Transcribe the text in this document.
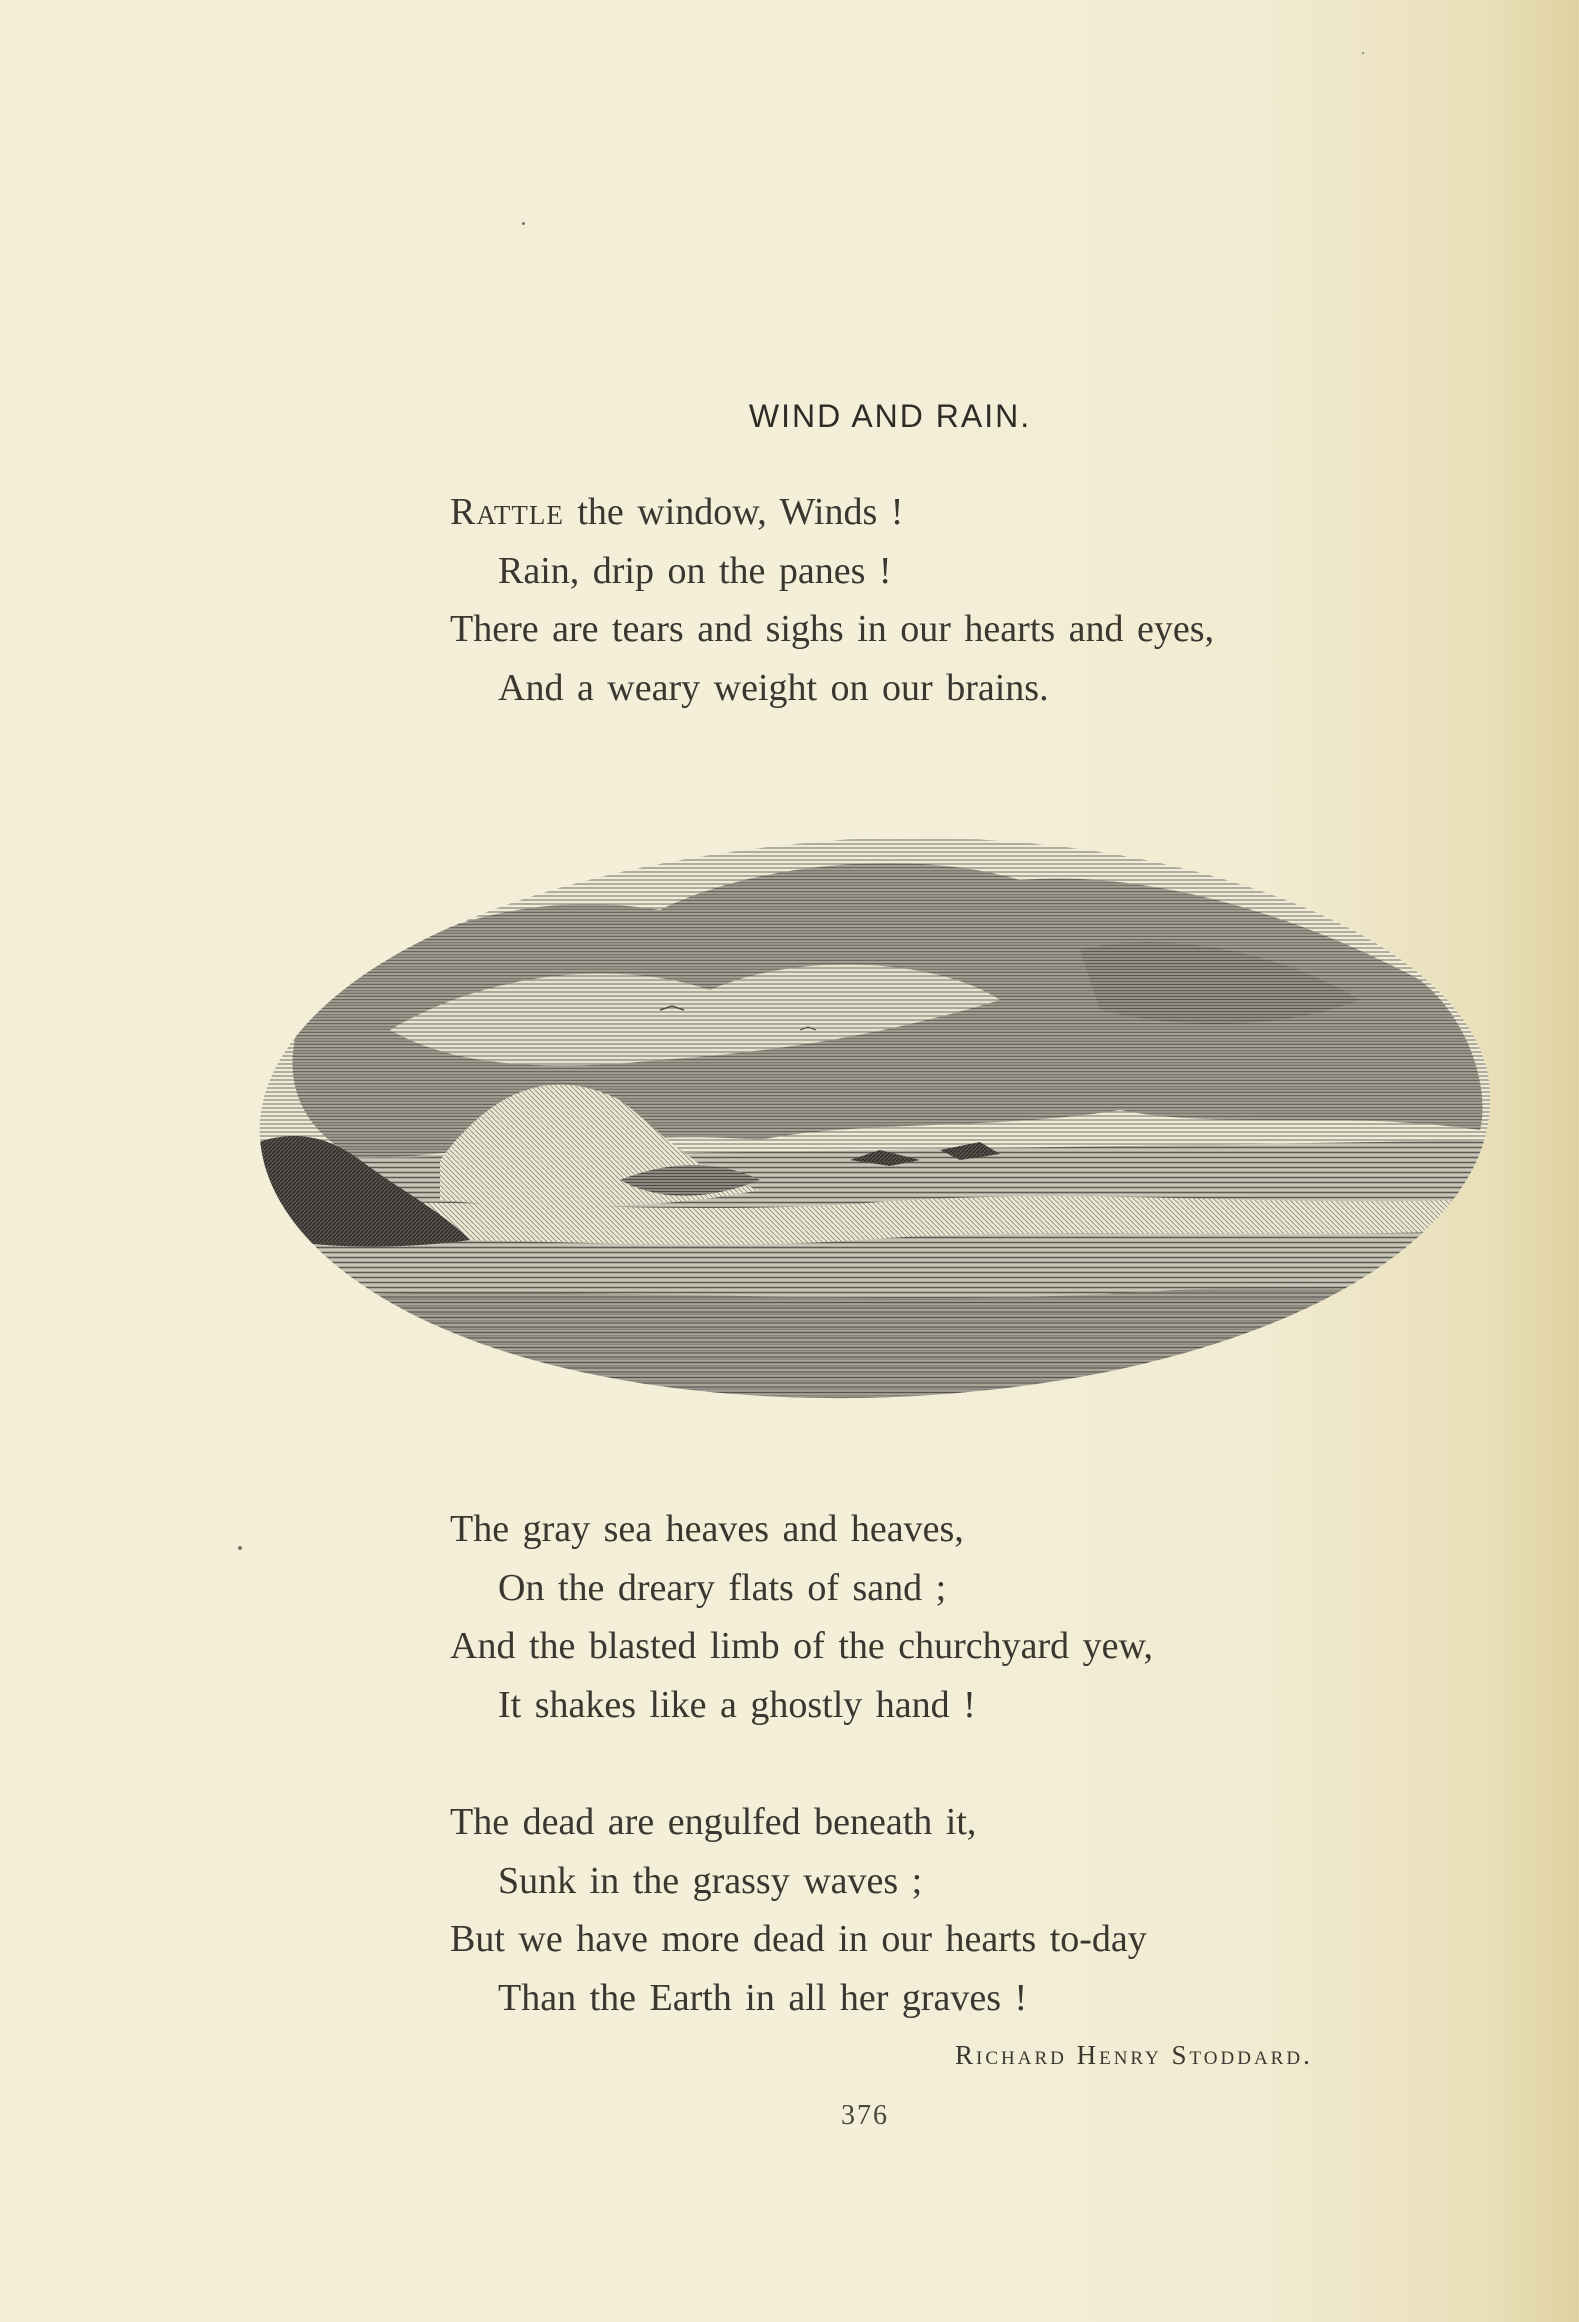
WIND AND RAIN.
Rattle the window, Winds !
Rain, drip on the panes !
There are tears and sighs in our hearts and eyes,
And a weary weight on our brains.
The gray sea heaves and heaves,
On the dreary flats of sand ;
And the blasted limb of the churchyard yew,
It shakes like a ghostly hand !
The dead are engulfed beneath it,
Sunk in the grassy waves ;
But we have more dead in our hearts to-day
Than the Earth in all her graves !
Richard Henry Stoddard.
376
